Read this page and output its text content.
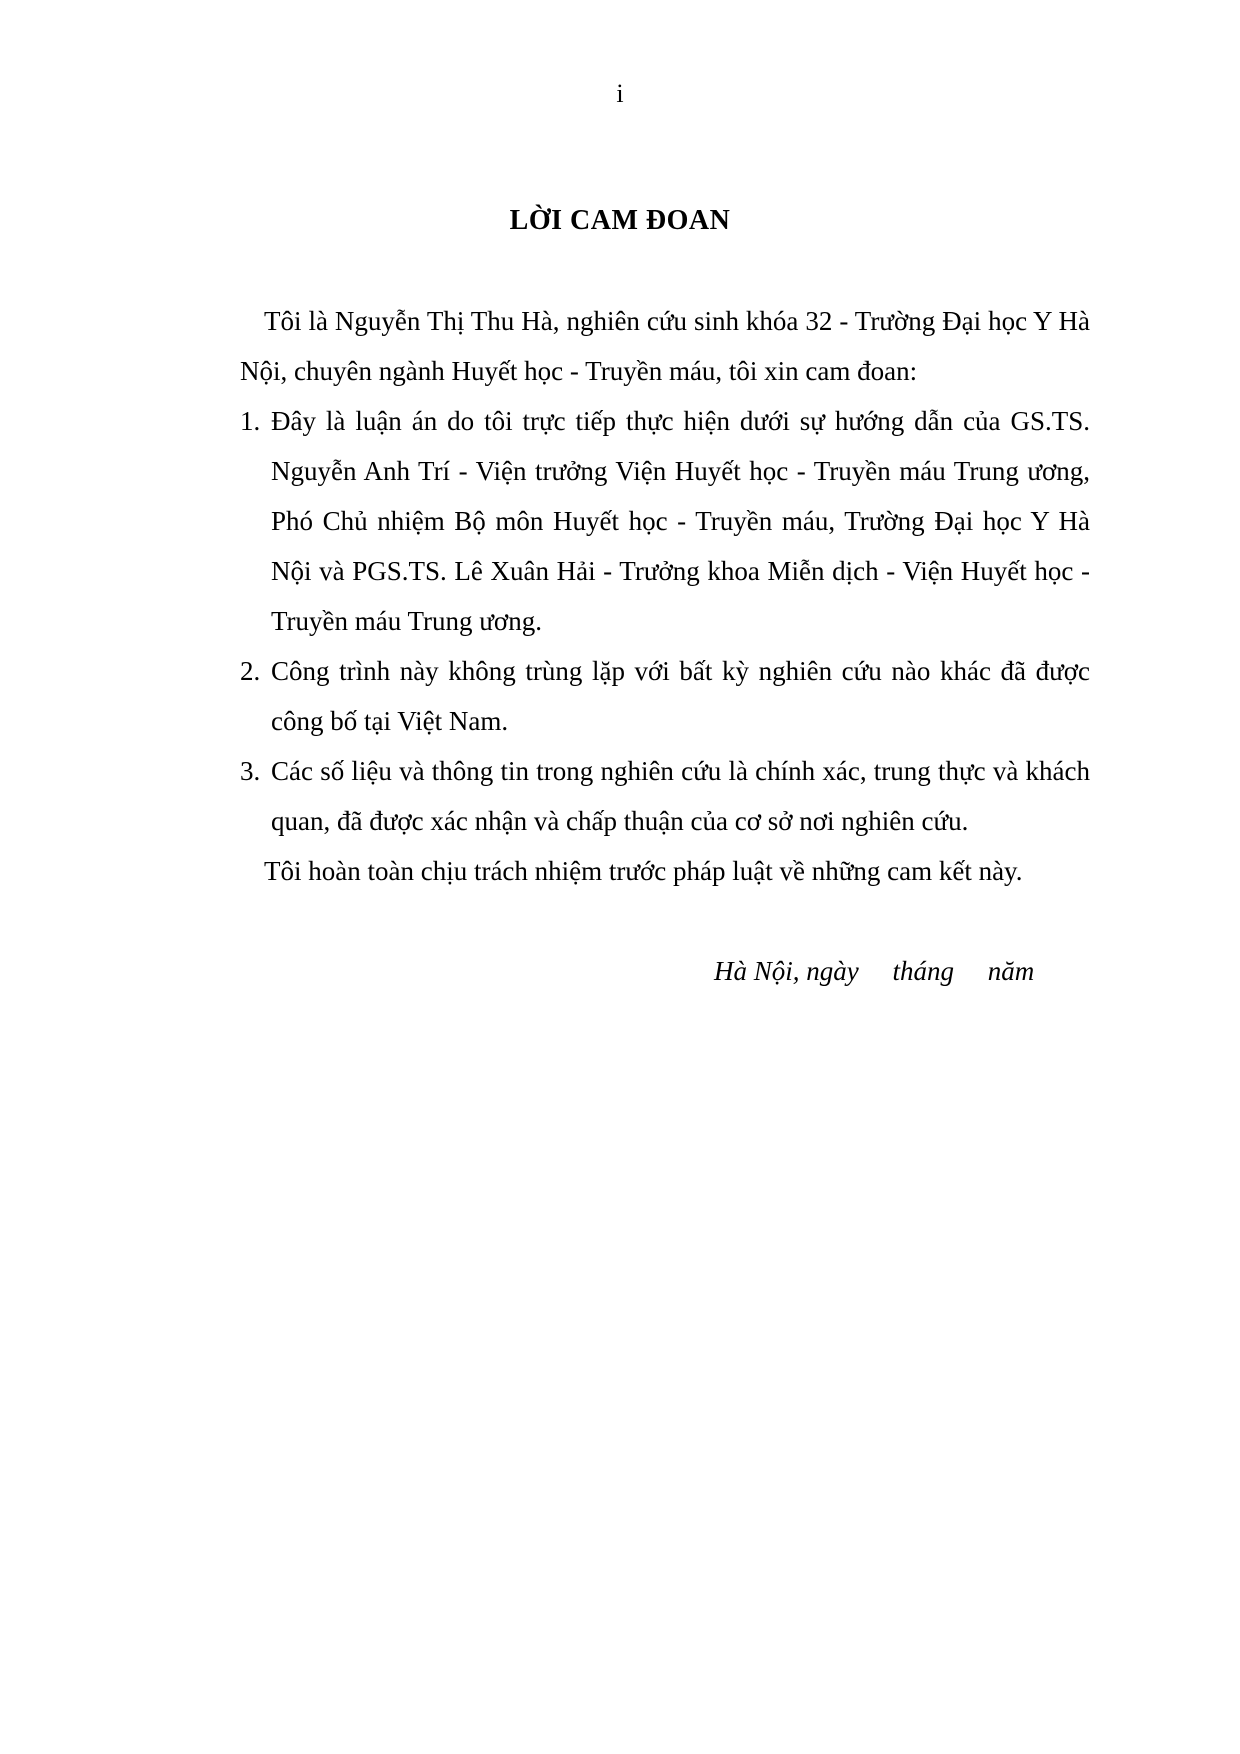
i
LỜI CAM ĐOAN

Tôi là Nguyễn Thị Thu Hà, nghiên cứu sinh khóa 32 - Trường Đại học Y Hà Nội, chuyên ngành Huyết học - Truyền máu, tôi xin cam đoan:

1. Đây là luận án do tôi trực tiếp thực hiện dưới sự hướng dẫn của GS.TS. Nguyễn Anh Trí - Viện trưởng Viện Huyết học - Truyền máu Trung ương, Phó Chủ nhiệm Bộ môn Huyết học - Truyền máu, Trường Đại học Y Hà Nội và PGS.TS. Lê Xuân Hải - Trưởng khoa Miễn dịch - Viện Huyết học - Truyền máu Trung ương.
2. Công trình này không trùng lặp với bất kỳ nghiên cứu nào khác đã được công bố tại Việt Nam.
3. Các số liệu và thông tin trong nghiên cứu là chính xác, trung thực và khách quan, đã được xác nhận và chấp thuận của cơ sở nơi nghiên cứu.

Tôi hoàn toàn chịu trách nhiệm trước pháp luật về những cam kết này.

Hà Nội, ngày     tháng     năm
